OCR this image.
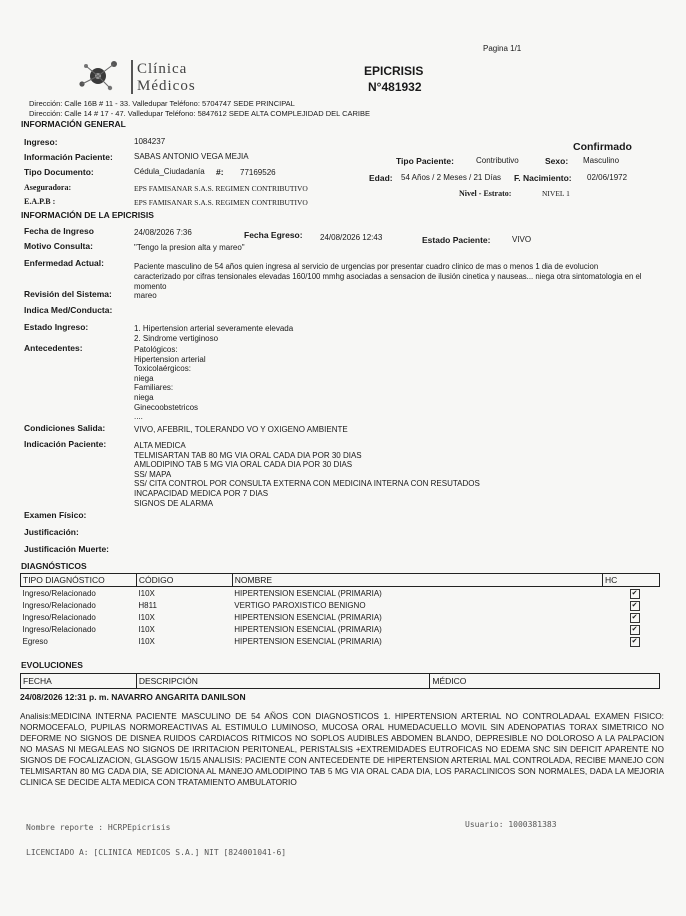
Pagina 1/1
Clínica
Médicos
EPICRISIS
N°481932
Dirección: Calle 16B # 11 - 33. Valledupar Teléfono: 5704747 SEDE PRINCIPAL
Dirección: Calle 14 # 17 - 47. Valledupar Teléfono: 5847612 SEDE ALTA COMPLEJIDAD DEL CARIBE
INFORMACIÓN GENERAL
Confirmado
Ingreso:	1084237
Información Paciente:	SABAS ANTONIO VEGA MEJIA
Tipo Documento:	Cédula_Ciudadanía #: 77169526
Aseguradora:	EPS FAMISANAR S.A.S. REGIMEN CONTRIBUTIVO
E.A.P.B :	EPS FAMISANAR S.A.S. REGIMEN CONTRIBUTIVO
Tipo Paciente:	Contributivo	Sexo: Masculino
Edad: 54 Años / 2 Meses / 21 Días F. Nacimiento: 02/06/1972
Nivel - Estrato:	NIVEL 1
INFORMACIÓN DE LA EPICRISIS
Fecha de Ingreso	24/08/2026 7:36	Fecha Egreso: 24/08/2026 12:43	Estado Paciente:	VIVO
Motivo Consulta:	"Tengo la presion alta y mareo"
Enfermedad Actual:	Paciente masculino de 54 años quien ingresa al servicio de urgencias por presentar cuadro clinico de mas o menos 1 dia de evolucion caracterizado por cifras tensionales elevadas 160/100 mmhg asociadas a sensacion de ilusión cinetica y nauseas... niega otra sintomatologia en el momento
Revisión del Sistema:	mareo
Indica Med/Conducta:
Estado Ingreso:	1. Hipertension arterial severamente elevada
2. Sindrome vertiginoso
Antecedentes:	Patológicos:
Hipertension arterial
Toxicolaérgicos:
niega
Familiares:
niega
Ginecoobstetricos
....
Condiciones Salida:	VIVO, AFEBRIL, TOLERANDO VO Y OXIGENO AMBIENTE
Indicación Paciente:	ALTA MEDICA
TELMISARTAN TAB 80 MG VIA ORAL CADA DIA POR 30 DIAS
AMLODIPINO TAB 5 MG VIA ORAL CADA DIA POR 30 DIAS
SS/ MAPA
SS/ CITA CONTROL POR CONSULTA EXTERNA CON MEDICINA INTERNA CON RESUTADOS
INCAPACIDAD MEDICA POR 7 DIAS
SIGNOS DE ALARMA
Examen Físico:
Justificación:
Justificación Muerte:
DIAGNÓSTICOS
TIPO DIAGNÓSTICO	CÓDIGO	NOMBRE	HC
Ingreso/Relacionado	I10X	HIPERTENSION ESENCIAL (PRIMARIA)	✔
Ingreso/Relacionado	H811	VERTIGO PAROXISTICO BENIGNO	✔
Ingreso/Relacionado	I10X	HIPERTENSION ESENCIAL (PRIMARIA)	✔
Ingreso/Relacionado	I10X	HIPERTENSION ESENCIAL (PRIMARIA)	✔
Egreso	I10X	HIPERTENSION ESENCIAL (PRIMARIA)	✔
EVOLUCIONES
FECHA	DESCRIPCIÓN	MÉDICO
24/08/2026 12:31 p. m. NAVARRO ANGARITA DANILSON
Analisis:MEDICINA INTERNA PACIENTE MASCULINO DE 54 AÑOS CON DIAGNOSTICOS 1. HIPERTENSION ARTERIAL NO CONTROLADAAL EXAMEN FISICO: NORMOCEFALO, PUPILAS NORMOREACTIVAS AL ESTIMULO LUMINOSO, MUCOSA ORAL HUMEDACUELLO MOVIL SIN ADENOPATIAS TORAX SIMETRICO NO DEFORME NO SIGNOS DE DISNEA RUIDOS CARDIACOS RITMICOS NO SOPLOS AUDIBLES ABDOMEN BLANDO, DEPRESIBLE NO DOLOROSO A LA PALPACION NO MASAS NI MEGALEAS NO SIGNOS DE IRRITACION PERITONEAL, PERISTALSIS +EXTREMIDADES EUTROFICAS NO EDEMA SNC SIN DEFICIT APARENTE NO SIGNOS DE FOCALIZACION, GLASGOW 15/15 ANALISIS: PACIENTE CON ANTECEDENTE DE HIPERTENSION ARTERIAL MAL CONTROLADA, RECIBE MANEJO CON TELMISARTAN 80 MG CADA DIA, SE ADICIONA AL MANEJO AMLODIPINO TAB 5 MG VIA ORAL CADA DIA, LOS PARACLINICOS SON NORMALES, DADA LA MEJORIA CLINICA SE DECIDE ALTA MEDICA CON TRATAMIENTO AMBULATORIO
Nombre reporte : HCRPEpicrisis	Usuario: 1000381383
LICENCIADO A: [CLINICA MEDICOS S.A.] NIT [824001041-6]
